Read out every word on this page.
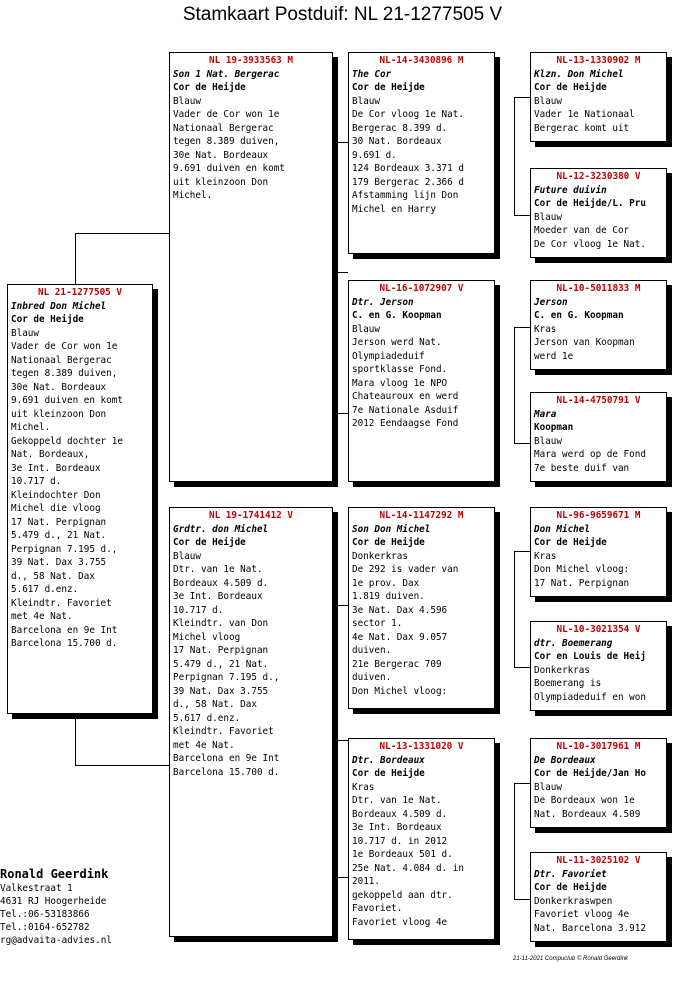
Stamkaart Postduif: NL 21-1277505 V
NL 21-1277505 V
Inbred Don Michel
Cor de Heijde
Blauw
Vader de Cor won 1e
Nationaal Bergerac
tegen 8.389 duiven,
30e Nat. Bordeaux
9.691 duiven en komt
uit kleinzoon Don
Michel.
Gekoppeld dochter 1e
Nat. Bordeaux,
3e Int. Bordeaux
10.717 d.
Kleindochter Don
Michel die vloog
17 Nat. Perpignan
5.479 d., 21 Nat.
Perpignan 7.195 d.,
39 Nat. Dax 3.755
d., 58 Nat. Dax
5.617 d.enz.
Kleindtr. Favoriet
met 4e Nat.
Barcelona en 9e Int
Barcelona 15.700 d.
NL 19-3933563 M
Son 1 Nat. Bergerac
Cor de Heijde
Blauw
Vader de Cor won 1e
Nationaal Bergerac
tegen 8.389 duiven,
30e Nat. Bordeaux
9.691 duiven en komt
uit kleinzoon Don
Michel.
NL 19-1741412 V
Grdtr. don Michel
Cor de Heijde
Blauw
Dtr. van 1e Nat.
Bordeaux 4.509 d.
3e Int. Bordeaux
10.717 d.
Kleindtr. van Don
Michel vloog
17 Nat. Perpignan
5.479 d., 21 Nat.
Perpignan 7.195 d.,
39 Nat. Dax 3.755
d., 58 Nat. Dax
5.617 d.enz.
Kleindtr. Favoriet
met 4e Nat.
Barcelona en 9e Int
Barcelona 15.700 d.
NL-14-3430896 M
The Cor
Cor de Heijde
Blauw
De Cor vloog 1e Nat.
Bergerac 8.399 d.
30 Nat. Bordeaux
9.691 d.
124 Bordeaux 3.371 d
179 Bergerac 2.366 d
Afstamming lijn Don
Michel en Harry
NL-16-1072907 V
Dtr. Jerson
C. en G. Koopman
Blauw
Jerson werd Nat.
Olympiadeduif
sportklasse Fond.
Mara vloog 1e NPO
Chateauroux en werd
7e Nationale Asduif
2012 Eendaagse Fond
NL-14-1147292 M
Son Don Michel
Cor de Heijde
Donkerkras
De 292 is vader van
1e prov. Dax
1.819 duiven.
3e Nat. Dax 4.596
sector 1.
4e Nat. Dax 9.057
duiven.
21e Bergerac 709
duiven.
Don Michel vloog:
NL-13-1331020 V
Dtr. Bordeaux
Cor de Heijde
Kras
Dtr. van 1e Nat.
Bordeaux 4.509 d.
3e Int. Bordeaux
10.717 d. in 2012
1e Bordeaux 501 d.
25e Nat. 4.084 d. in
2011.
gekoppeld aan dtr.
Favoriet.
Favoriet vloog 4e
NL-13-1330902 M
Klzn. Don Michel
Cor de Heijde
Blauw
Vader 1e Nationaal
Bergerac komt uit
NL-12-3230380 V
Future duivin
Cor de Heijde/L. Pru
Blauw
Moeder van de Cor
De Cor vloog 1e Nat.
NL-10-5011833 M
Jerson
C. en G. Koopman
Kras
Jerson van Koopman
werd 1e
NL-14-4750791 V
Mara
Koopman
Blauw
Mara werd op de Fond
7e beste duif van
NL-96-9659671 M
Don Michel
Cor de Heijde
Kras
Don Michel vloog:
17 Nat. Perpignan
NL-10-3021354 V
dtr. Boemerang
Cor en Louis de Heij
Donkerkras
Boemerang is
Olympiadeduif en won
NL-10-3017961 M
De Bordeaux
Cor de Heijde/Jan Ho
Blauw
De Bordeaux won 1e
Nat. Bordeaux 4.509
NL-11-3025102 V
Dtr. Favoriet
Cor de Heijde
Donkerkraswpen
Favoriet vloog 4e
Nat. Barcelona 3.912
Ronald Geerdink
Valkestraat 1
4631 RJ Hoogerheide
Tel.:06-53183866
Tel.:0164-652782
rg@advaita-advies.nl
21-11-2021 Compuclub © Ronald Geerdink
